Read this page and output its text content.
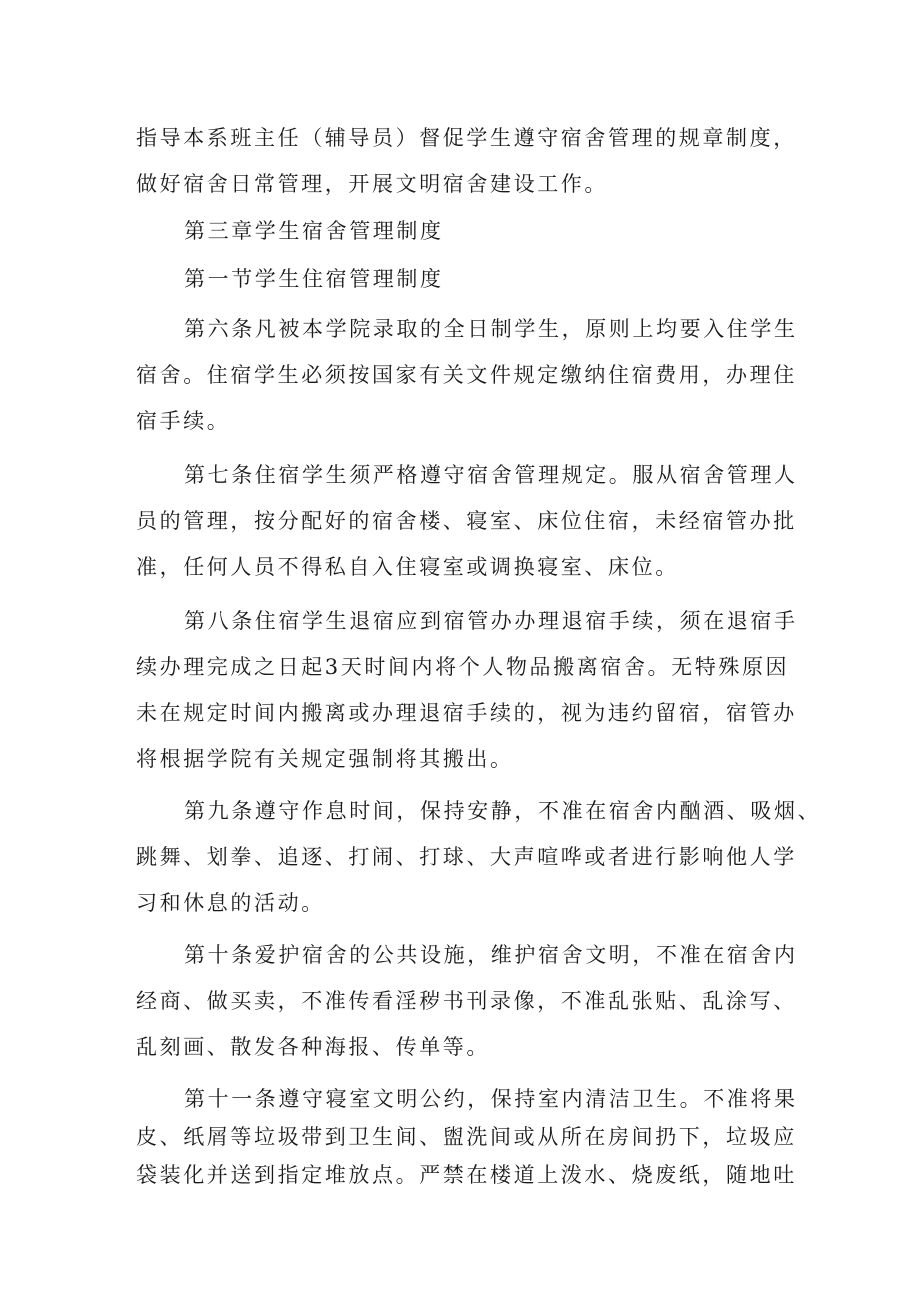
指导本系班主任（辅导员）督促学生遵守宿舍管理的规章制度，
做好宿舍日常管理，开展文明宿舍建设工作。
第三章学生宿舍管理制度
第一节学生住宿管理制度
第六条凡被本学院录取的全日制学生，原则上均要入住学生
宿舍。住宿学生必须按国家有关文件规定缴纳住宿费用，办理住
宿手续。
第七条住宿学生须严格遵守宿舍管理规定。服从宿舍管理人
员的管理，按分配好的宿舍楼、寝室、床位住宿，未经宿管办批
准，任何人员不得私自入住寝室或调换寝室、床位。
第八条住宿学生退宿应到宿管办办理退宿手续，须在退宿手
续办理完成之日起3天时间内将个人物品搬离宿舍。无特殊原因
未在规定时间内搬离或办理退宿手续的，视为违约留宿，宿管办
将根据学院有关规定强制将其搬出。
第九条遵守作息时间，保持安静，不准在宿舍内酗酒、吸烟、
跳舞、划拳、追逐、打闹、打球、大声喧哗或者进行影响他人学
习和休息的活动。
第十条爱护宿舍的公共设施，维护宿舍文明，不准在宿舍内
经商、做买卖，不准传看淫秽书刊录像，不准乱张贴、乱涂写、
乱刻画、散发各种海报、传单等。
第十一条遵守寝室文明公约，保持室内清洁卫生。不准将果
皮、纸屑等垃圾带到卫生间、盥洗间或从所在房间扔下，垃圾应
袋装化并送到指定堆放点。严禁在楼道上泼水、烧废纸，随地吐
